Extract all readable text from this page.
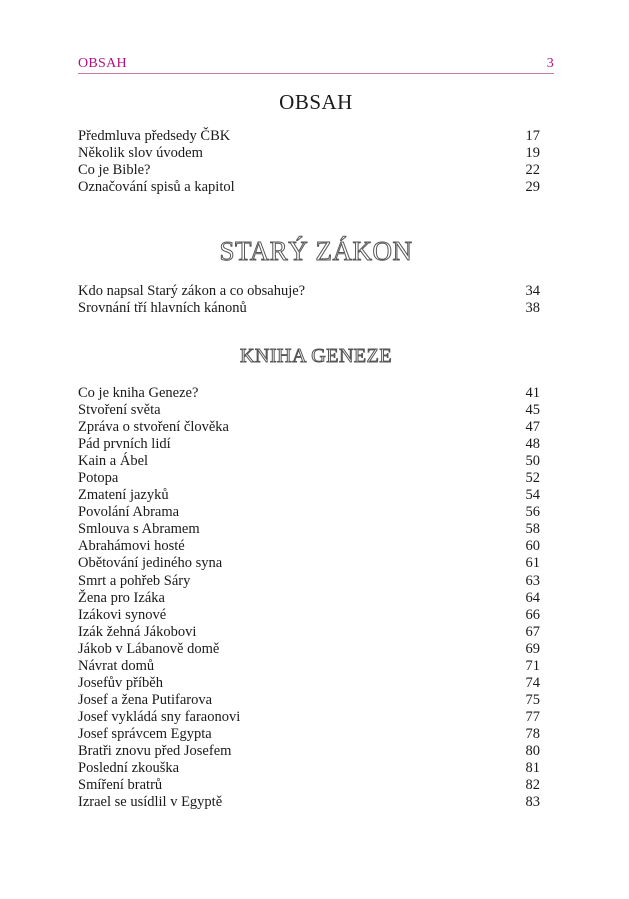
OBSAH	3
OBSAH
Předmluva předsedy ČBK	17
Několik slov úvodem	19
Co je Bible?	22
Označování spisů a kapitol	29
STARÝ ZÁKON
Kdo napsal Starý zákon a co obsahuje?	34
Srovnání tří hlavních kánonů	38
KNIHA GENEZE
Co je kniha Geneze?	41
Stvoření světa	45
Zpráva o stvoření člověka	47
Pád prvních lidí	48
Kain a Ábel	50
Potopa	52
Zmatení jazyků	54
Povolání Abrama	56
Smlouva s Abramem	58
Abrahámovi hosté	60
Obětování jediného syna	61
Smrt a pohřeb Sáry	63
Žena pro Izáka	64
Izákovi synové	66
Izák žehná Jákobovi	67
Jákob v Lábanově domě	69
Návrat domů	71
Josefův příběh	74
Josef a žena Putifarova	75
Josef vykládá sny faraonovi	77
Josef správcem Egypta	78
Bratři znovu před Josefem	80
Poslední zkouška	81
Smíření bratrů	82
Izrael se usídlil v Egyptě	83
